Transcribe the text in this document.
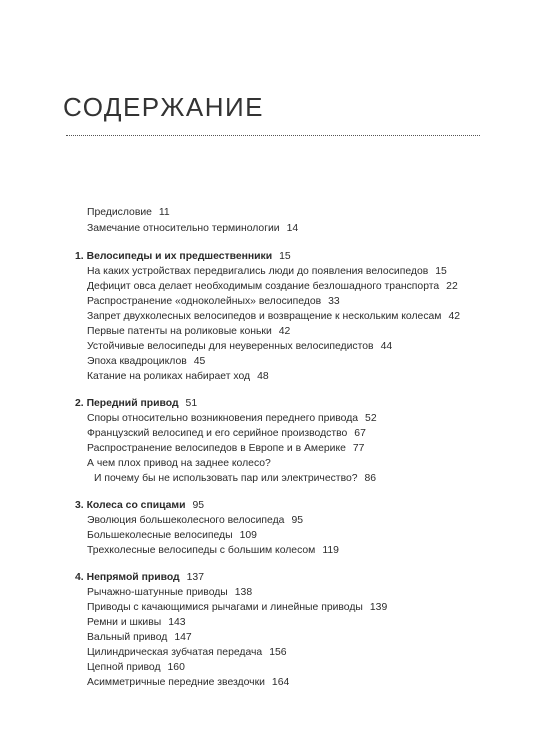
СОДЕРЖАНИЕ
Предисловие 11
Замечание относительно терминологии 14
1. Велосипеды и их предшественники 15
На каких устройствах передвигались люди до появления велосипедов 15
Дефицит овса делает необходимым создание безлошадного транспорта 22
Распространение «одноколейных» велосипедов 33
Запрет двухколесных велосипедов и возвращение к нескольким колесам 42
Первые патенты на роликовые коньки 42
Устойчивые велосипеды для неуверенных велосипедистов 44
Эпоха квадроциклов 45
Катание на роликах набирает ход 48
2. Передний привод 51
Споры относительно возникновения переднего привода 52
Французский велосипед и его серийное производство 67
Распространение велосипедов в Европе и в Америке 77
А чем плох привод на заднее колесо?
И почему бы не использовать пар или электричество? 86
3. Колеса со спицами 95
Эволюция большеколесного велосипеда 95
Большеколесные велосипеды 109
Трехколесные велосипеды с большим колесом 119
4. Непрямой привод 137
Рычажно-шатунные приводы 138
Приводы с качающимися рычагами и линейные приводы 139
Ремни и шкивы 143
Вальный привод 147
Цилиндрическая зубчатая передача 156
Цепной привод 160
Асимметричные передние звездочки 164
